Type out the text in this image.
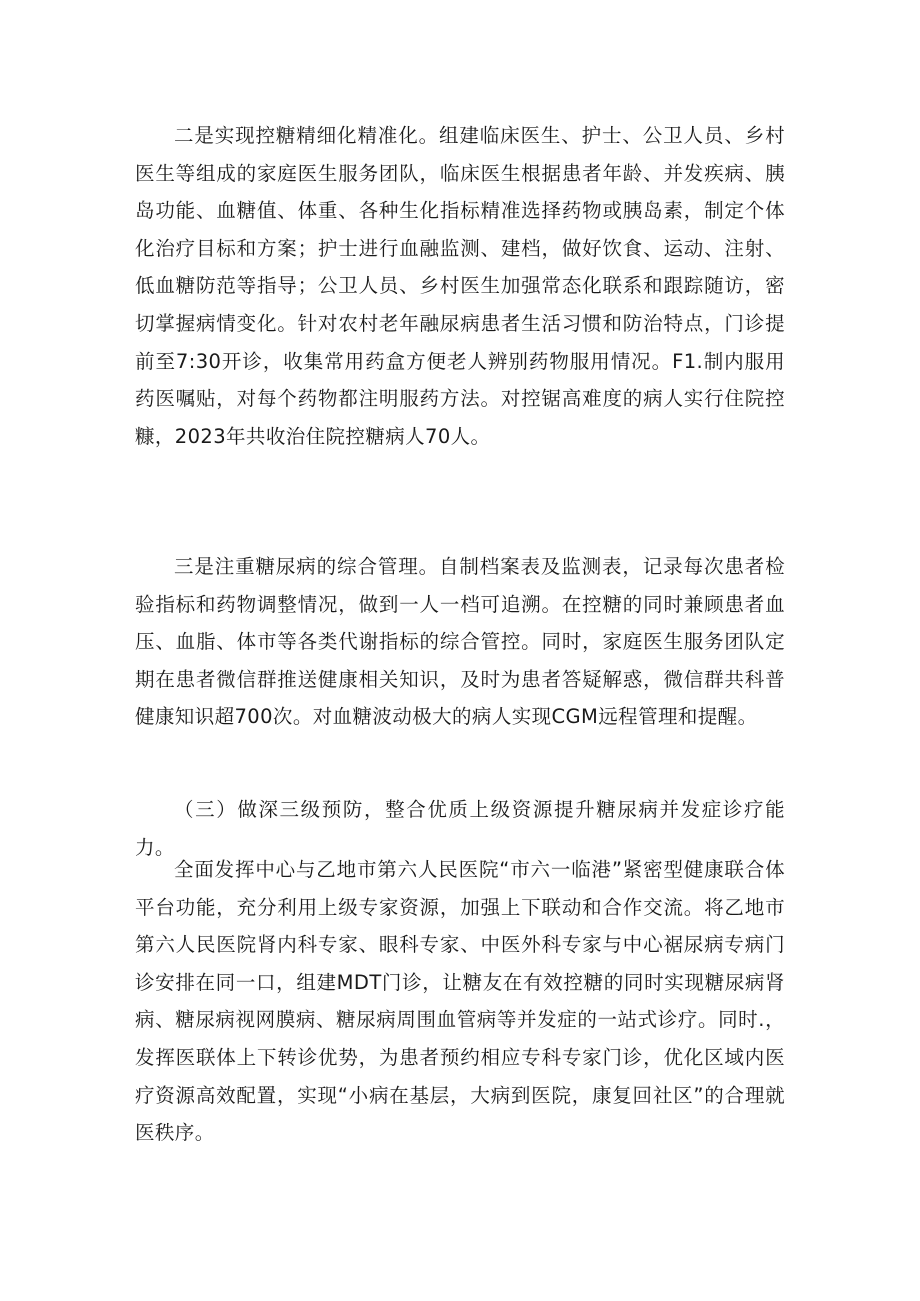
二是实现控糖精细化精准化。组建临床医生、护士、公卫人员、乡村医生等组成的家庭医生服务团队，临床医生根据患者年龄、并发疾病、胰岛功能、血糖值、体重、各种生化指标精准选择药物或胰岛素，制定个体化治疗目标和方案；护士进行血融监测、建档，做好饮食、运动、注射、低血糖防范等指导；公卫人员、乡村医生加强常态化联系和跟踪随访，密切掌握病情变化。针对农村老年融尿病患者生活习惯和防治特点，门诊提前至7:30开诊，收集常用药盒方便老人辨别药物服用情况。F1.制内服用药医嘱贴，对每个药物都注明服药方法。对控锯高难度的病人实行住院控糠，2023年共收治住院控糖病人70人。

三是注重糖尿病的综合管理。自制档案表及监测表，记录每次患者检验指标和药物调整情况，做到一人一档可追溯。在控糖的同时兼顾患者血压、血脂、体市等各类代谢指标的综合管控。同时，家庭医生服务团队定期在患者微信群推送健康相关知识，及时为患者答疑解惑，微信群共科普健康知识超700次。对血糖波动极大的病人实现CGM远程管理和提醒。

（三）做深三级预防，整合优质上级资源提升糖尿病并发症诊疗能力。

全面发挥中心与乙地市第六人民医院“市六一临港”紧密型健康联合体平台功能，充分利用上级专家资源，加强上下联动和合作交流。将乙地市第六人民医院肾内科专家、眼科专家、中医外科专家与中心裾尿病专病门诊安排在同一口，组建MDT门诊，让糖友在有效控糖的同时实现糖尿病肾病、糖尿病视网膜病、糖尿病周围血管病等并发症的一站式诊疗。同时.，发挥医联体上下转诊优势，为患者预约相应专科专家门诊，优化区域内医疗资源高效配置，实现“小病在基层，大病到医院，康复回社区”的合理就医秩序。
